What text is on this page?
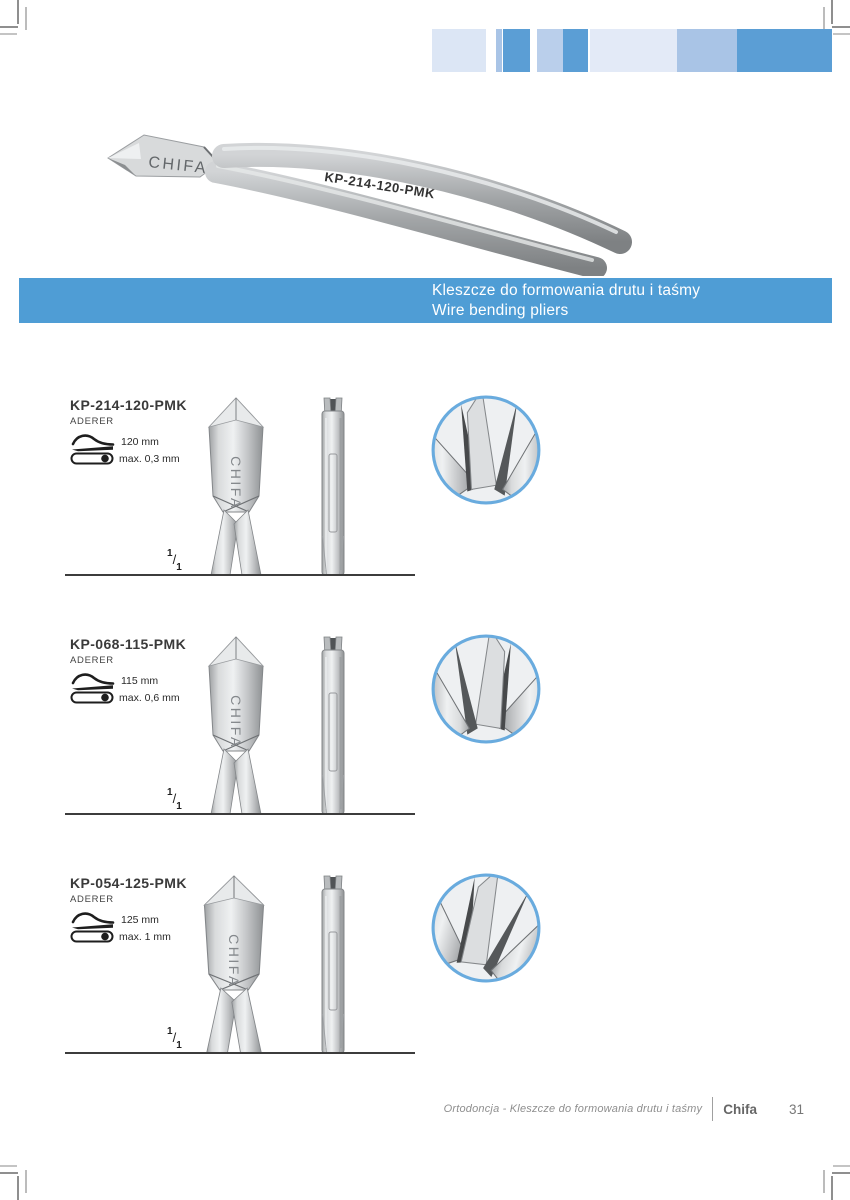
CHIFA
KP-214-120-PMK
Kleszcze do formowania drutu i taśmy
Wire bending pliers
KP-214-120-PMK
ADERER
120 mm
max. 0,3 mm
$^1/_1$
CHIFA
KP-068-115-PMK
ADERER
115 mm
max. 0,6 mm
$^1/_1$
CHIFA
KP-054-125-PMK
ADERER
125 mm
max. 1 mm
$^1/_1$
CHIFA
Ortodoncja - Kleszcze do formowania drutu i taśmy Chifa 31
